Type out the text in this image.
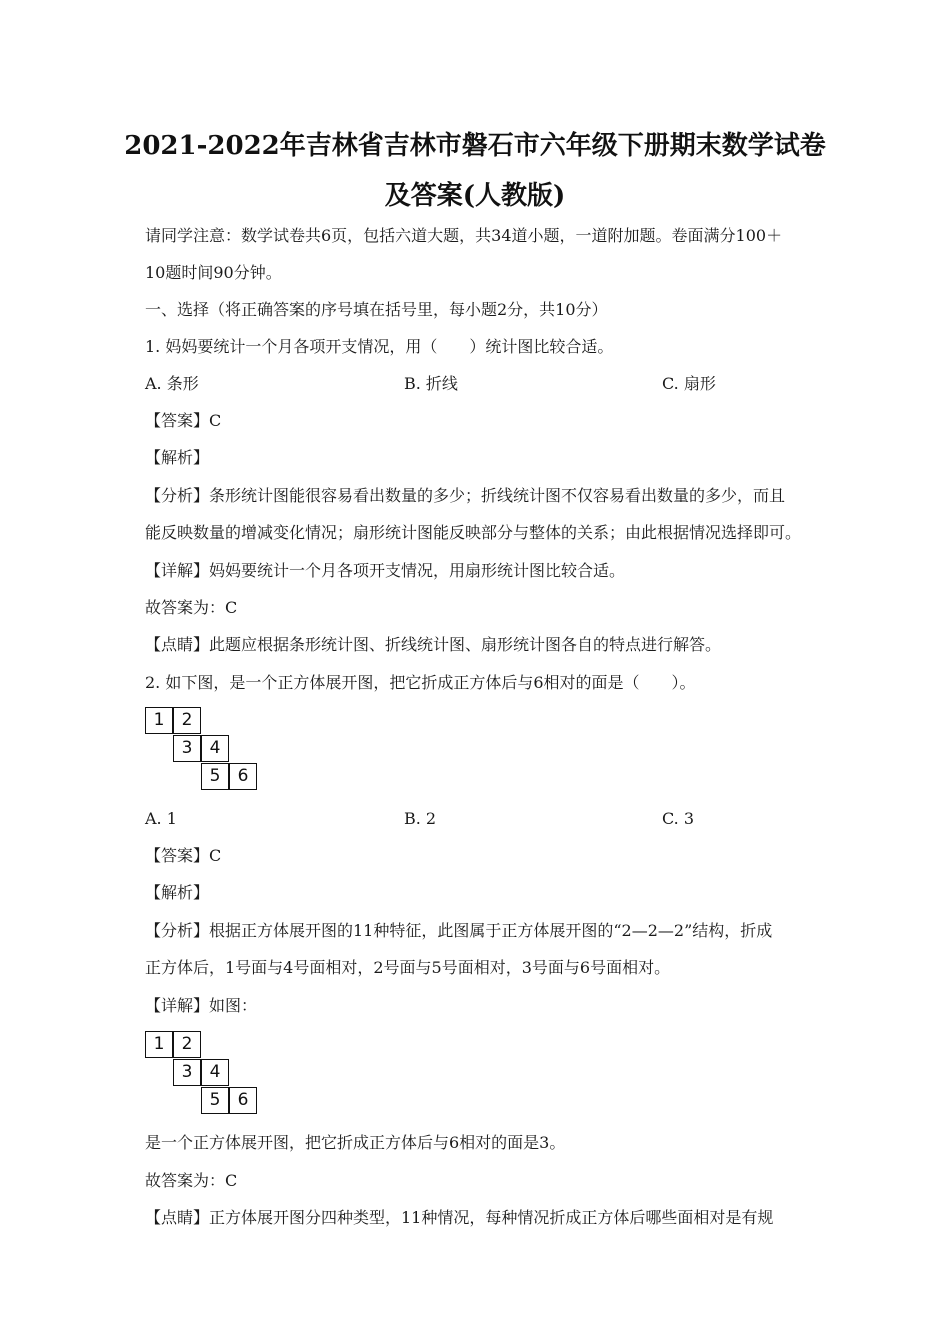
2021-2022年吉林省吉林市磐石市六年级下册期末数学试卷
及答案(人教版)
请同学注意：数学试卷共6页，包括六道大题，共34道小题，一道附加题。卷面满分100＋
10题时间90分钟。
一、选择（将正确答案的序号填在括号里，每小题2分，共10分）
1. 妈妈要统计一个月各项开支情况，用（　　）统计图比较合适。
A. 条形	B. 折线	C. 扇形
【答案】C
【解析】
【分析】条形统计图能很容易看出数量的多少；折线统计图不仅容易看出数量的多少，而且
能反映数量的增减变化情况；扇形统计图能反映部分与整体的关系；由此根据情况选择即可。
【详解】妈妈要统计一个月各项开支情况，用扇形统计图比较合适。
故答案为：C
【点睛】此题应根据条形统计图、折线统计图、扇形统计图各自的特点进行解答。
2. 如下图，是一个正方体展开图，把它折成正方体后与6相对的面是（　　）。
1	2
3	4
5	6
A. 1	B. 2	C. 3
【答案】C
【解析】
【分析】根据正方体展开图的11种特征，此图属于正方体展开图的“2—2—2”结构，折成
正方体后，1号面与4号面相对，2号面与5号面相对，3号面与6号面相对。
【详解】如图：
1	2
3	4
5	6
是一个正方体展开图，把它折成正方体后与6相对的面是3。
故答案为：C
【点睛】正方体展开图分四种类型，11种情况，每种情况折成正方体后哪些面相对是有规
